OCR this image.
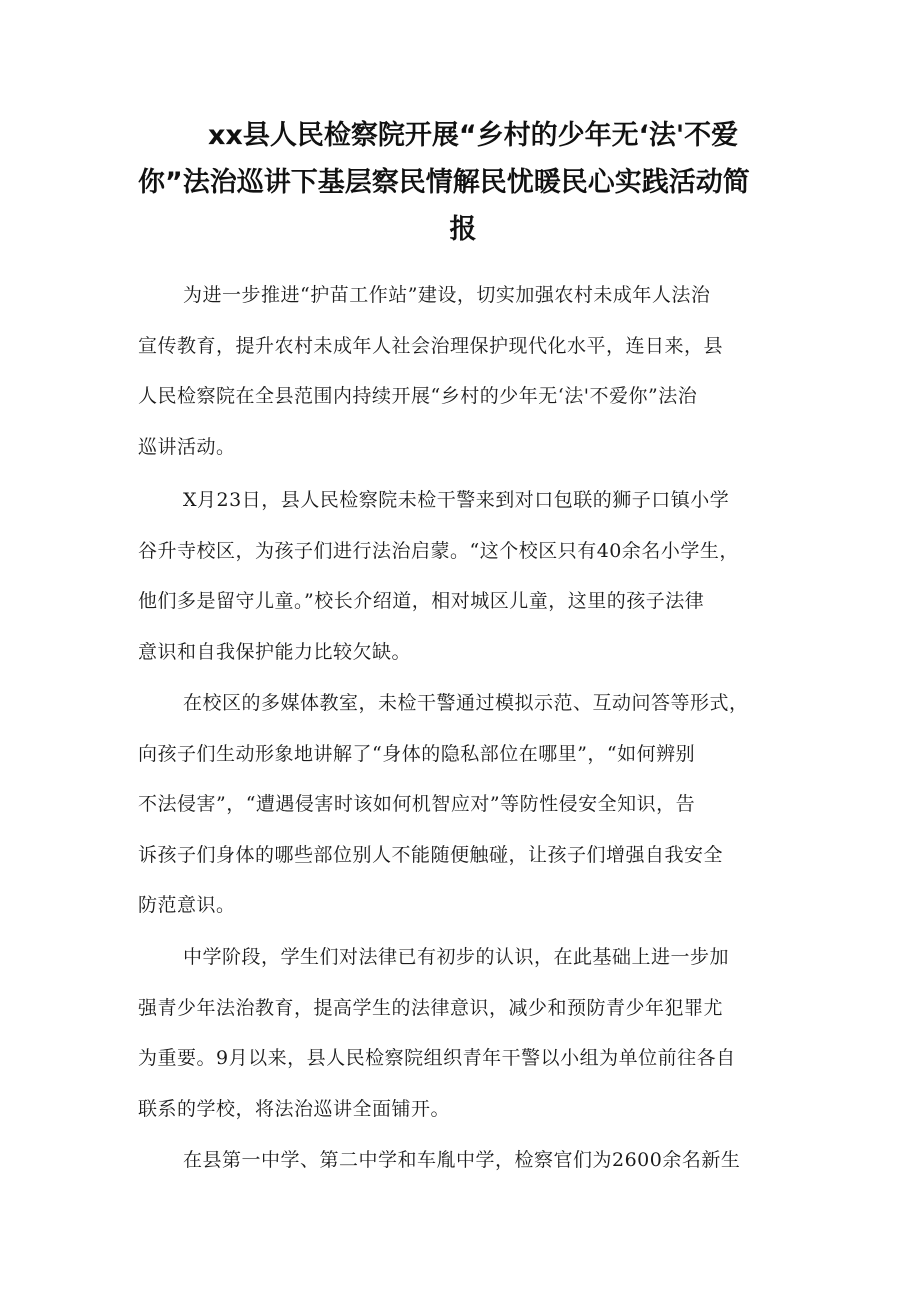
xx县人民检察院开展“乡村的少年无‘法'不爱
你”法治巡讲下基层察民情解民忧暖民心实践活动简
报
为进一步推进“护苗工作站”建设，切实加强农村未成年人法治
宣传教育，提升农村未成年人社会治理保护现代化水平，连日来，县
人民检察院在全县范围内持续开展“乡村的少年无‘法'不爱你”法治
巡讲活动。
X月23日，县人民检察院未检干警来到对口包联的狮子口镇小学
谷升寺校区，为孩子们进行法治启蒙。“这个校区只有40余名小学生，
他们多是留守儿童。”校长介绍道，相对城区儿童，这里的孩子法律
意识和自我保护能力比较欠缺。
在校区的多媒体教室，未检干警通过模拟示范、互动问答等形式，
向孩子们生动形象地讲解了“身体的隐私部位在哪里”，“如何辨别
不法侵害”，“遭遇侵害时该如何机智应对”等防性侵安全知识，告
诉孩子们身体的哪些部位别人不能随便触碰，让孩子们增强自我安全
防范意识。
中学阶段，学生们对法律已有初步的认识，在此基础上进一步加
强青少年法治教育，提高学生的法律意识，减少和预防青少年犯罪尤
为重要。9月以来，县人民检察院组织青年干警以小组为单位前往各自
联系的学校，将法治巡讲全面铺开。
在县第一中学、第二中学和车胤中学，检察官们为2600余名新生
